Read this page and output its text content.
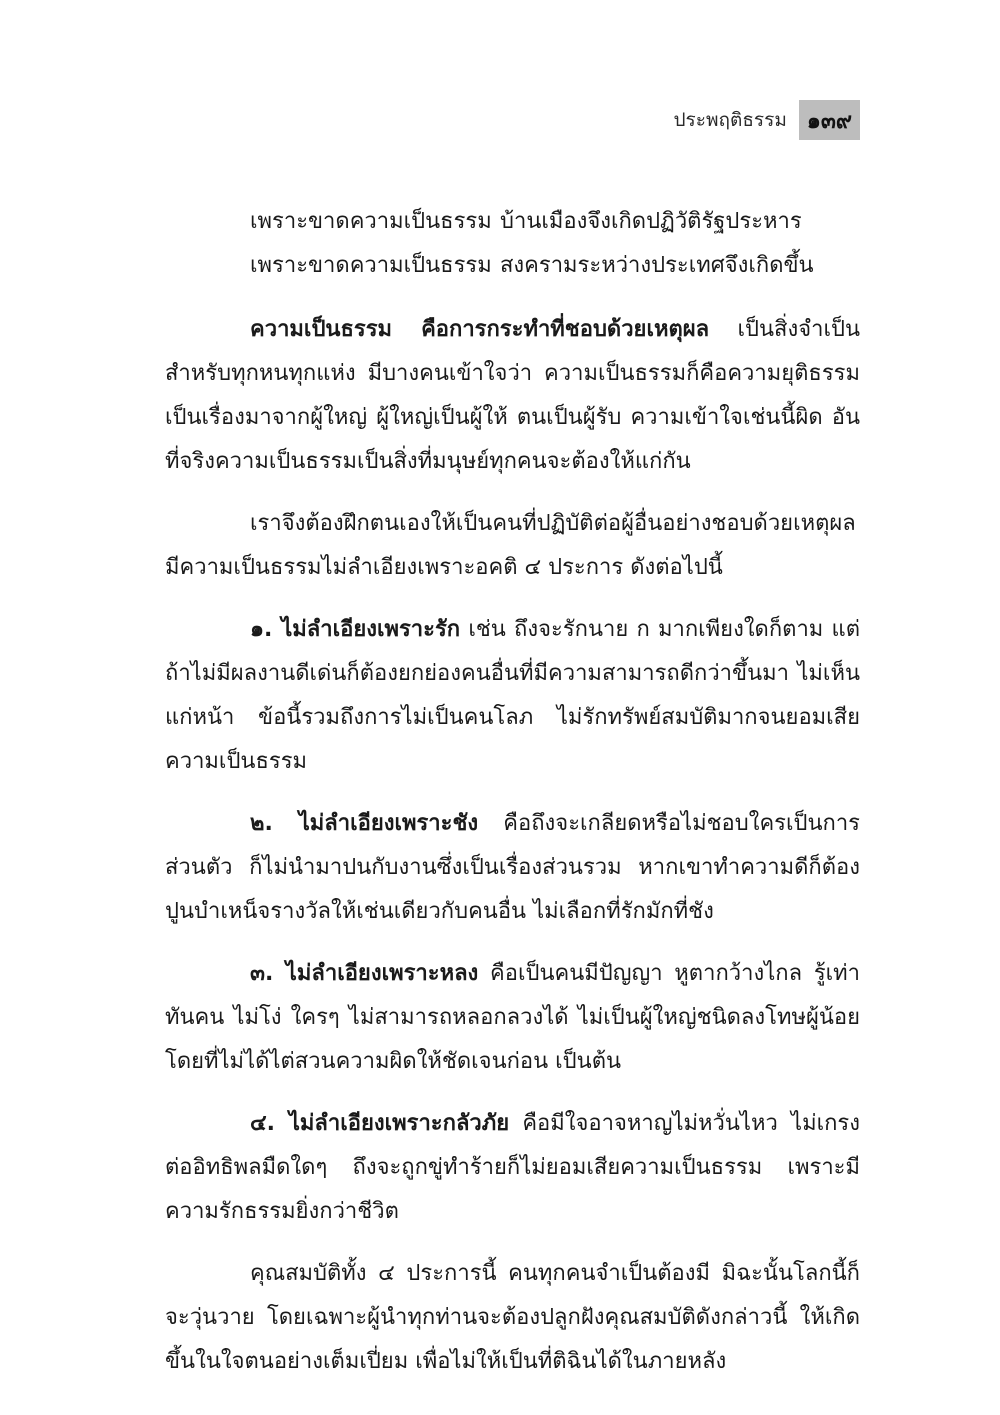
ประพฤติธรรม ๑๓๙
เพราะขาดความเป็นธรรม บ้านเมืองจึงเกิดปฏิวัติรัฐประหาร
เพราะขาดความเป็นธรรม สงครามระหว่างประเทศจึงเกิดขึ้น

ความเป็นธรรม คือการกระทำที่ชอบด้วยเหตุผล เป็นสิ่งจำเป็นสำหรับทุกหนทุกแห่ง มีบางคนเข้าใจว่า ความเป็นธรรมก็คือความยุติธรรม เป็นเรื่องมาจากผู้ใหญ่ ผู้ใหญ่เป็นผู้ให้ ตนเป็นผู้รับ ความเข้าใจเช่นนี้ผิด อันที่จริงความเป็นธรรมเป็นสิ่งที่มนุษย์ทุกคนจะต้องให้แก่กัน

เราจึงต้องฝึกตนเองให้เป็นคนที่ปฏิบัติต่อผู้อื่นอย่างชอบด้วยเหตุผล มีความเป็นธรรมไม่ลำเอียงเพราะอคติ ๔ ประการ ดังต่อไปนี้

๑. ไม่ลำเอียงเพราะรัก เช่น ถึงจะรักนาย ก มากเพียงใดก็ตาม แต่ถ้าไม่มีผลงานดีเด่นก็ต้องยกย่องคนอื่นที่มีความสามารถดีกว่าขึ้นมา ไม่เห็นแก่หน้า ข้อนี้รวมถึงการไม่เป็นคนโลภ ไม่รักทรัพย์สมบัติมากจนยอมเสียความเป็นธรรม

๒. ไม่ลำเอียงเพราะชัง คือถึงจะเกลียดหรือไม่ชอบใครเป็นการส่วนตัว ก็ไม่นำมาปนกับงานซึ่งเป็นเรื่องส่วนรวม หากเขาทำความดีก็ต้องปูนบำเหน็จรางวัลให้เช่นเดียวกับคนอื่น ไม่เลือกที่รักมักที่ชัง

๓. ไม่ลำเอียงเพราะหลง คือเป็นคนมีปัญญา หูตากว้างไกล รู้เท่าทันคน ไม่โง่ ใครๆ ไม่สามารถหลอกลวงได้ ไม่เป็นผู้ใหญ่ชนิดลงโทษผู้น้อยโดยที่ไม่ได้ไต่สวนความผิดให้ชัดเจนก่อน เป็นต้น

๔. ไม่ลำเอียงเพราะกลัวภัย คือมีใจอาจหาญไม่หวั่นไหว ไม่เกรงต่ออิทธิพลมืดใดๆ ถึงจะถูกขู่ทำร้ายก็ไม่ยอมเสียความเป็นธรรม เพราะมีความรักธรรมยิ่งกว่าชีวิต

คุณสมบัติทั้ง ๔ ประการนี้ คนทุกคนจำเป็นต้องมี มิฉะนั้นโลกนี้ก็จะวุ่นวาย โดยเฉพาะผู้นำทุกท่านจะต้องปลูกฝังคุณสมบัติดังกล่าวนี้ ให้เกิดขึ้นในใจตนอย่างเต็มเปี่ยม เพื่อไม่ให้เป็นที่ติฉินได้ในภายหลัง
